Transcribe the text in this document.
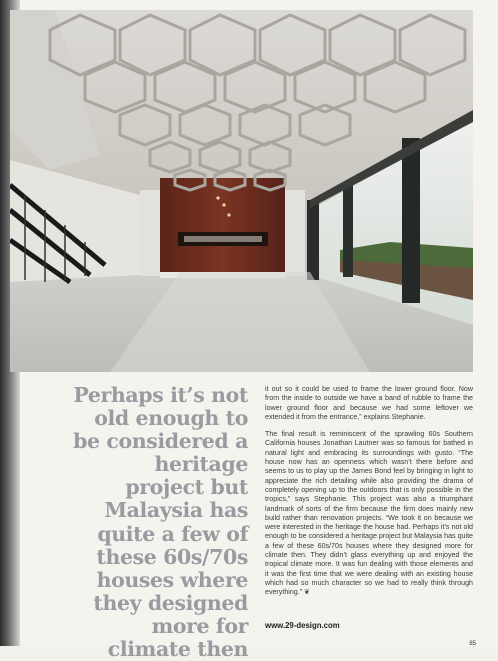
Perhaps it’s not old enough to be considered a heritage project but Malaysia has quite a few of these 60s/70s houses where they designed more for climate then

it out so it could be used to frame the lower ground floor. Now from the inside to outside we have a band of rubble to frame the lower ground floor and because we had some leftover we extended it from the entrance,” explains Stephanie.

The final result is reminiscent of the sprawling 60s Southern California houses Jonathan Lautner was so famous for bathed in natural light and embracing its surroundings with gusto. “The house now has an openness which wasn’t there before and seems to us to play up the James Bond feel by bringing in light to appreciate the rich detailing while also providing the drama of completely opening up to the outdoors that is only possible in the tropics,” says Stephanie. This project was also a triumphant landmark of sorts of the firm because the firm does mainly new build rather than renovation projects. “We took it on because we were interested in the heritage the house had. Perhaps it’s not old enough to be considered a heritage project but Malaysia has quite a few of these 60s/70s houses where they designed more for climate then. They didn’t glass everything up and enjoyed the tropical climate more. It was fun dealing with those elements and it was the first time that we were dealing with an existing house which had so much character so we had to really think through everything.” ❦

www.29-design.com
85
